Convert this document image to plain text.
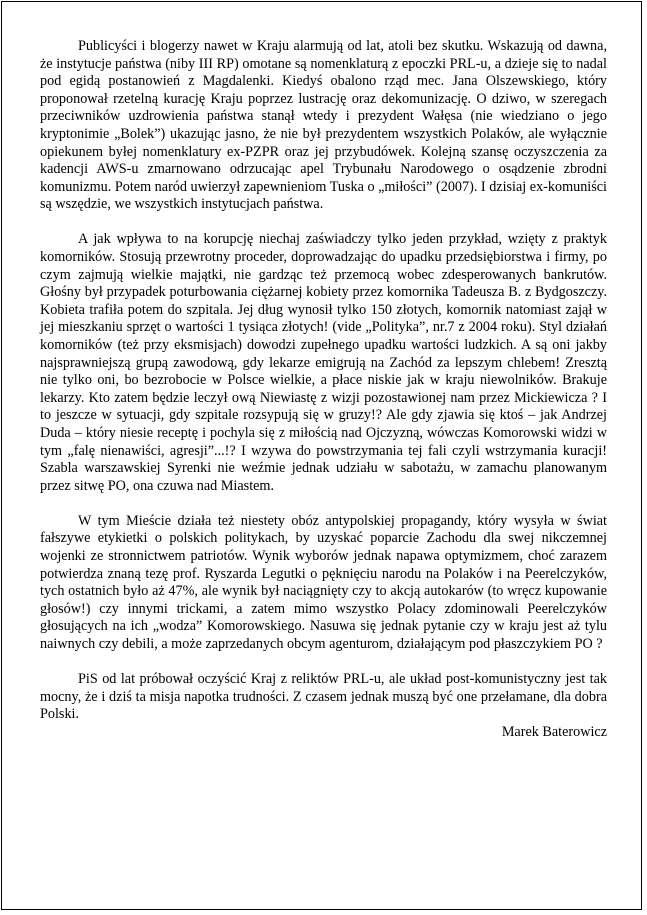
Publicyści i blogerzy nawet w Kraju alarmują od lat, atoli bez skutku. Wskazują od dawna, że instytucje państwa (niby III RP) omotane są nomenklaturą z epoczki PRL-u, a dzieje się to nadal pod egidą postanowień z Magdalenki. Kiedyś obalono rząd mec. Jana Olszewskiego, który proponował rzetelną kurację Kraju poprzez lustrację oraz dekomunizację. O dziwo, w szeregach przeciwników uzdrowienia państwa stanął wtedy i prezydent Wałęsa (nie wiedziano o jego kryptonimie „Bolek”) ukazując jasno, że nie był prezydentem wszystkich Polaków, ale wyłącznie opiekunem byłej nomenklatury ex-PZPR oraz jej przybudówek. Kolejną szansę oczyszczenia za kadencji AWS-u zmarnowano odrzucając apel Trybunału Narodowego o osądzenie zbrodni komunizmu. Potem naród uwierzył zapewnieniom Tuska o „miłości” (2007). I dzisiaj ex-komuniści są wszędzie, we wszystkich instytucjach państwa.

A jak wpływa to na korupcję niechaj zaświadczy tylko jeden przykład, wzięty z praktyk komorników. Stosują przewrotny proceder, doprowadzając do upadku przedsiębiorstwa i firmy, po czym zajmują wielkie majątki, nie gardząc też przemocą wobec zdesperowanych bankrutów. Głośny był przypadek poturbowania ciężarnej kobiety przez komornika Tadeusza B. z Bydgoszczy. Kobieta trafiła potem do szpitala. Jej dług wynosił tylko 150 złotych, komornik natomiast zajął w jej mieszkaniu sprzęt o wartości 1 tysiąca złotych! (vide „Polityka”, nr.7 z 2004 roku). Styl działań komorników (też przy eksmisjach) dowodzi zupełnego upadku wartości ludzkich. A są oni jakby najsprawniejszą grupą zawodową, gdy lekarze emigrują na Zachód za lepszym chlebem! Zresztą nie tylko oni, bo bezrobocie w Polsce wielkie, a płace niskie jak w kraju niewolników. Brakuje lekarzy. Kto zatem będzie leczył ową Niewiastę z wizji pozostawionej nam przez Mickiewicza ? I to jeszcze w sytuacji, gdy szpitale rozsypują się w gruzy!? Ale gdy zjawia się ktoś – jak Andrzej Duda – który niesie receptę i pochyla się z miłością nad Ojczyzną, wówczas Komorowski widzi w tym „falę nienawiści, agresji”...!? I wzywa do powstrzymania tej fali czyli wstrzymania kuracji! Szabla warszawskiej Syrenki nie weźmie jednak udziału w sabotażu, w zamachu planowanym przez sitwę PO, ona czuwa nad Miastem.

W tym Mieście działa też niestety obóz antypolskiej propagandy, który wysyła w świat fałszywe etykietki o polskich politykach, by uzyskać poparcie Zachodu dla swej nikczemnej wojenki ze stronnictwem patriotów. Wynik wyborów jednak napawa optymizmem, choć zarazem potwierdza znaną tezę prof. Ryszarda Legutki o pęknięciu narodu na Polaków i na Peerelczyków, tych ostatnich było aż 47%, ale wynik był naciągnięty czy to akcją autokarów (to wręcz kupowanie głosów!) czy innymi trickami, a zatem mimo wszystko Polacy zdominowali Peerelczyków głosujących na ich „wodza” Komorowskiego. Nasuwa się jednak pytanie czy w kraju jest aż tylu naiwnych czy debili, a może zaprzedanych obcym agenturom, działającym pod płaszczykiem PO ?

PiS od lat próbował oczyścić Kraj z reliktów PRL-u, ale układ post-komunistyczny jest tak mocny, że i dziś ta misja napotka trudności. Z czasem jednak muszą być one przełamane, dla dobra Polski.

Marek Baterowicz
